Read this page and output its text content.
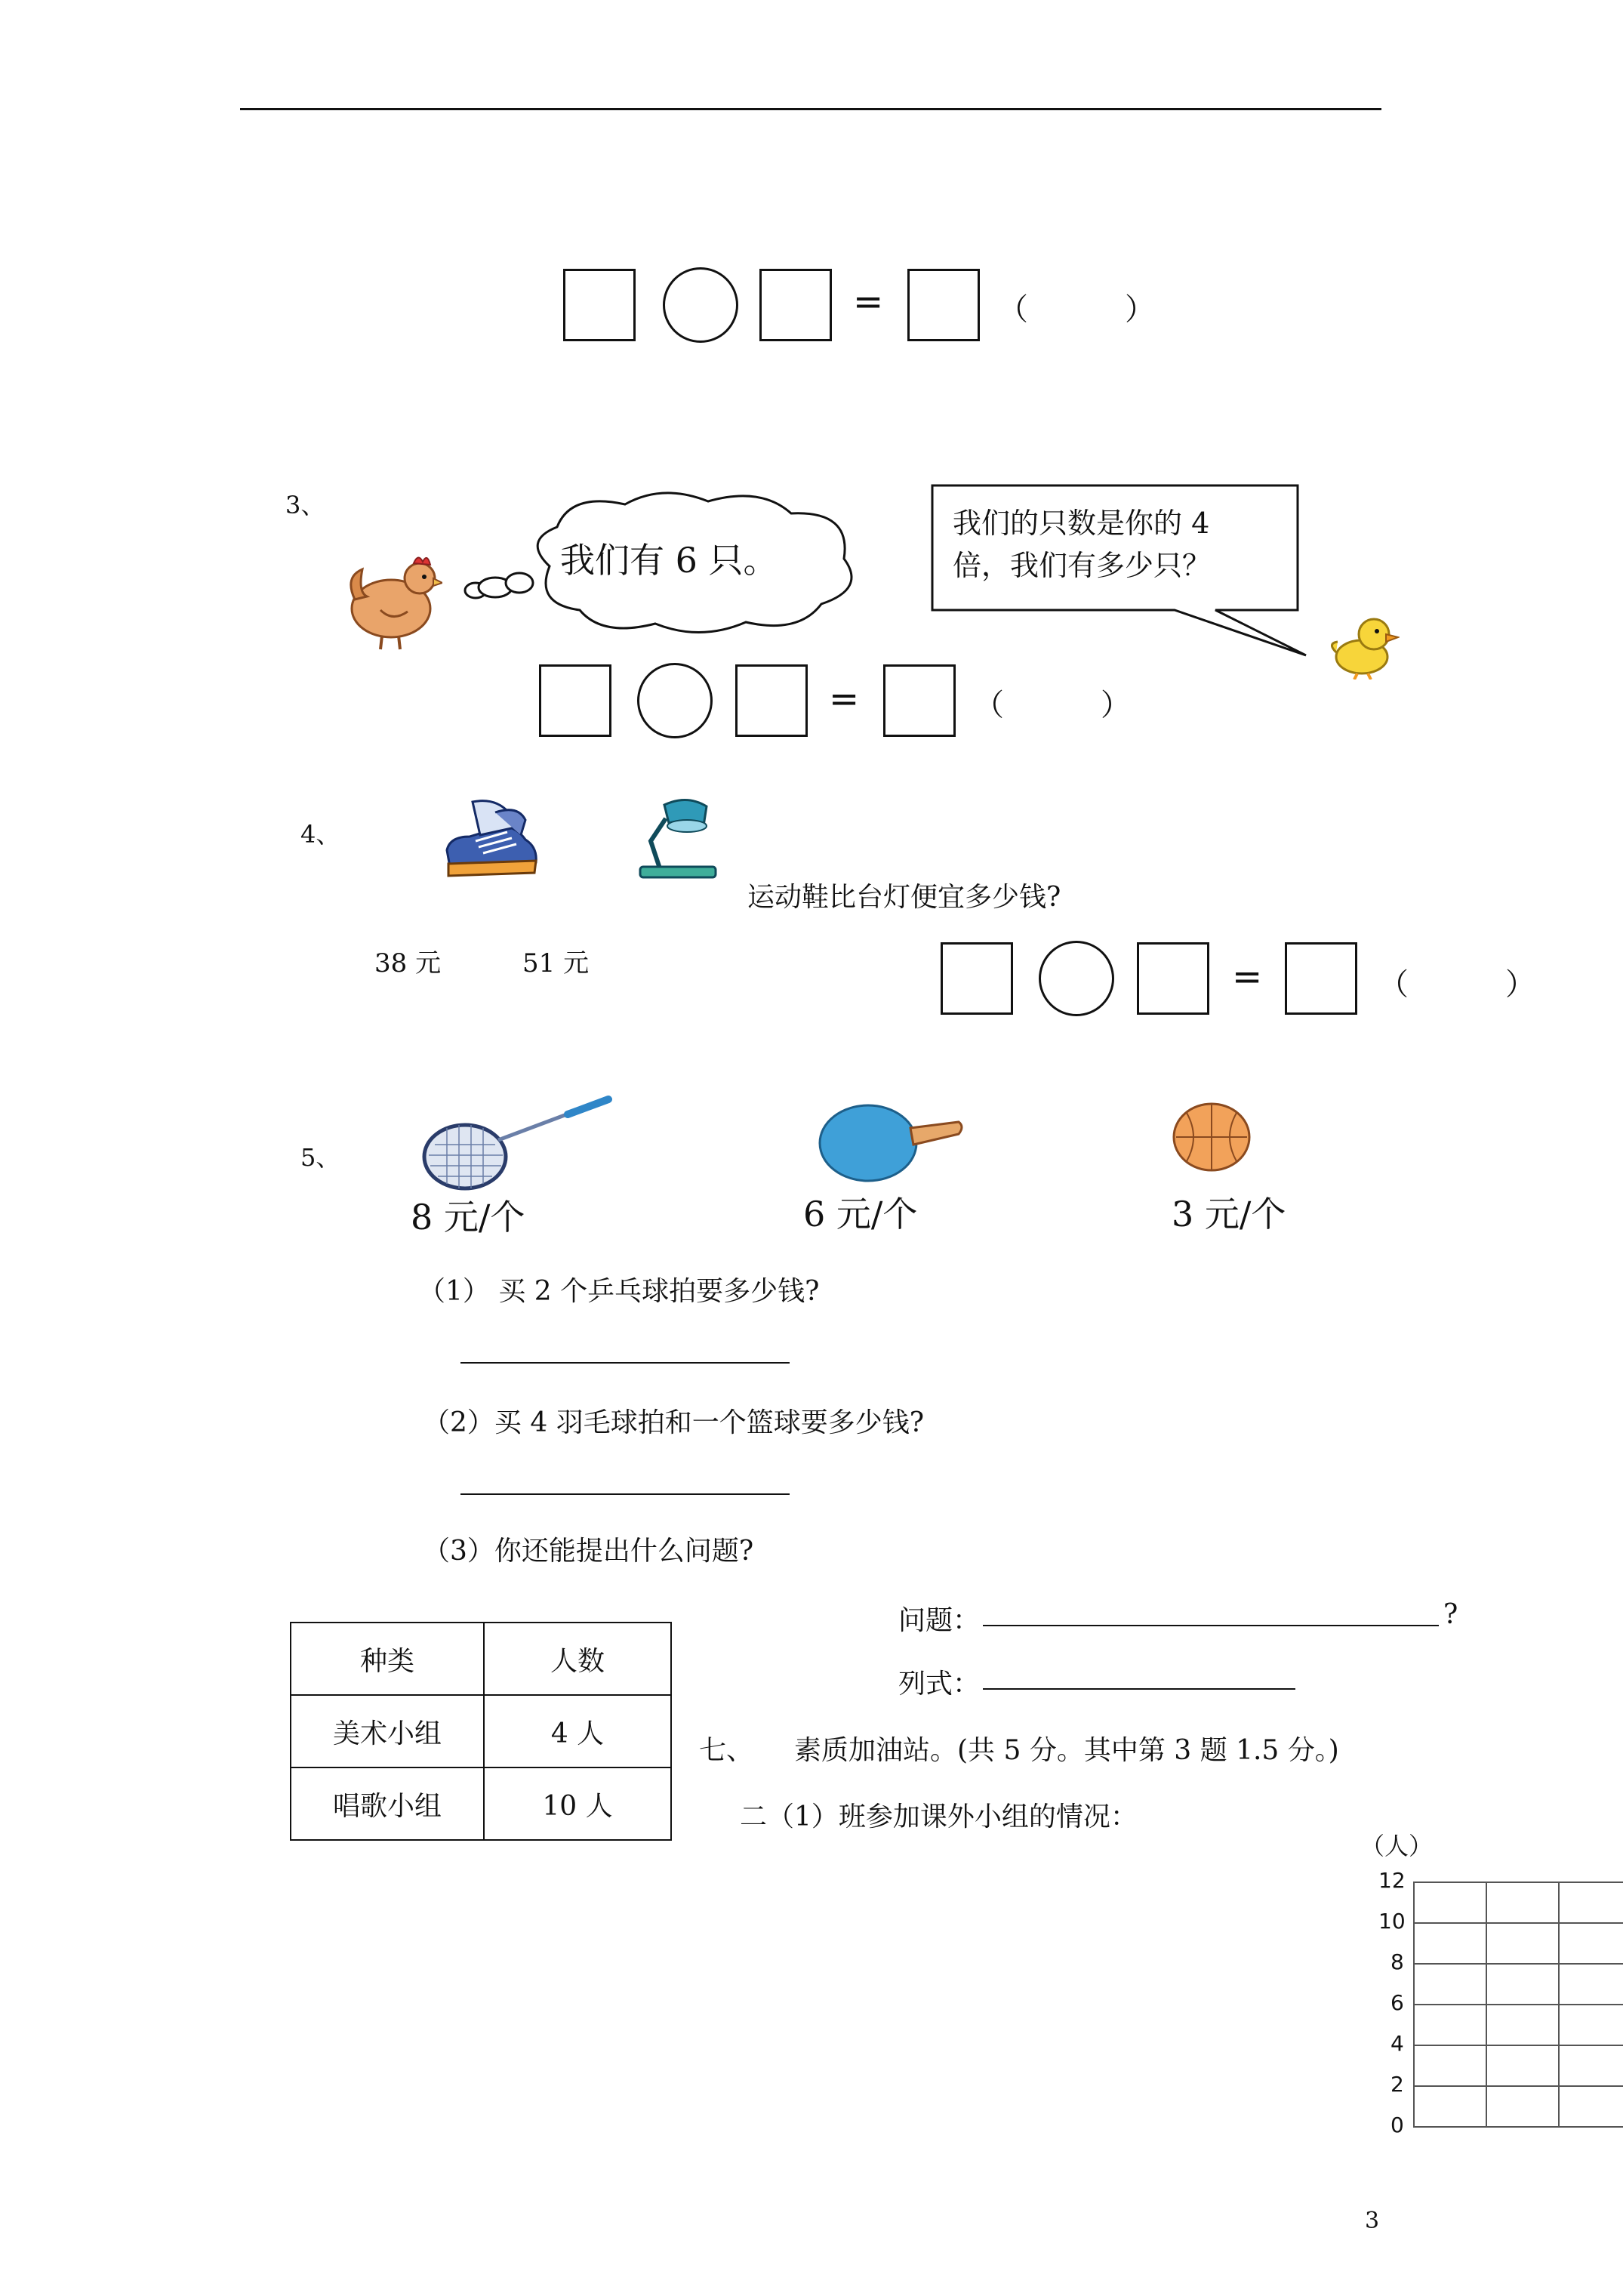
=	（	）
3、
我们有 6 只。
我们的只数是你的 4
倍，我们有多少只？
=	（	）
4、
运动鞋比台灯便宜多少钱?
38 元	51 元	=	（	）
5、
8 元/个	6 元/个	3 元/个
（1） 买 2 个乒乓球拍要多少钱?
（2）买 4 羽毛球拍和一个篮球要多少钱?
（3）你还能提出什么问题?
问题：	?
列式：
种类	人数
美术小组	4 人
唱歌小组	10 人
七、 素质加油站。(共 5 分。其中第 3 题 1.5 分。)
二（1）班参加课外小组的情况：
（人）
12
10
8
6
4
2
0
3
